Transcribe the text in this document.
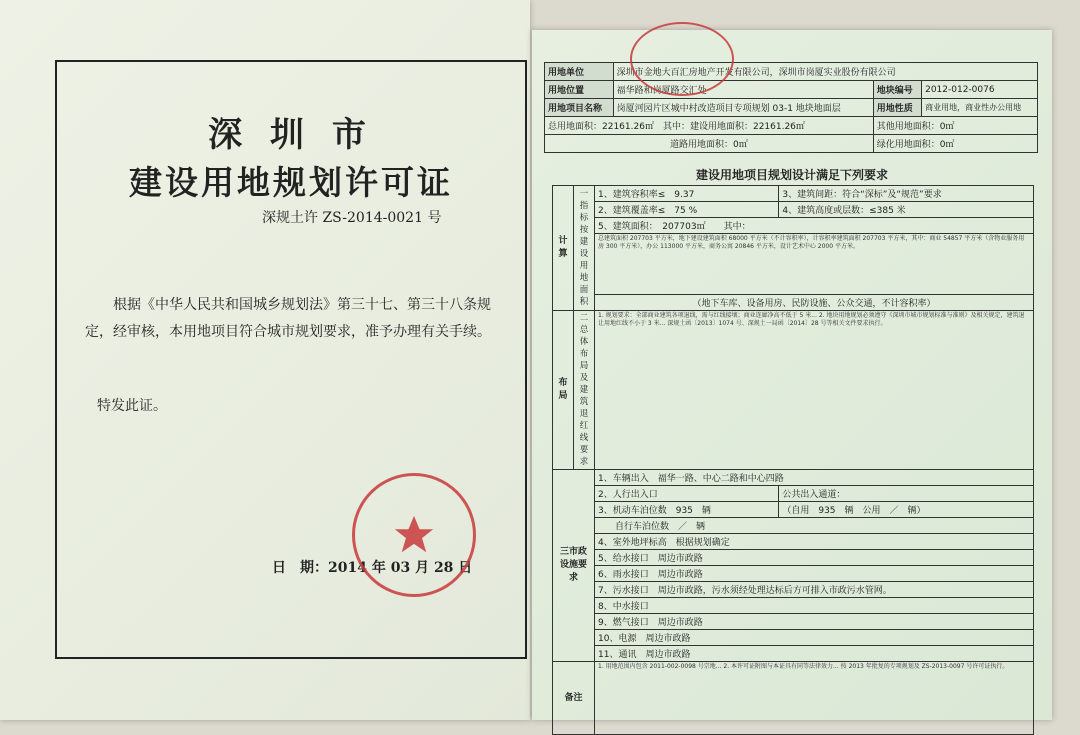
深 圳 市
建设用地规划许可证
深规土许 ZS-2014-0021 号

根据《中华人民共和国城乡规划法》第三十七、第三十八条规

定，经审核，本用地项目符合城市规划要求，准予办理有关手续。

特发此证。
日　期：2014 年 03 月 28 日
用地单位	深圳市金地大百汇房地产开发有限公司，深圳市岗厦实业股份有限公司		
用地位置	福华路和岗厦路交汇处	地块编号	2012-012-0076
用地项目名称	岗厦河园片区城中村改造项目专项规划 03-1 地块地面层	用地性质	商业用地，商业性办公用地
总用地面积：22161.26㎡　 其中：建设用地面积：22161.26㎡		其他用地面积：0㎡	
道路用地面积：0㎡		绿化用地面积：0㎡	
建设用地项目规划设计满足下列要求
计算	一指标按建设用地面积	1、建筑容积率≤　9.37	3、建筑间距：符合“深标”及“规范”要求
		2、建筑覆盖率≤　75 %	4、建筑高度或层数：≤385 米
		5、建筑面积：　207703㎡　　其中：	
		总建筑面积 207703 平方米，地下建设建筑面积 68000 平方米（不计容积率），计容积率建筑面积 207703 平方米，其中：商业 54857 平方米（含物业服务用房 300 平方米），办公 113000 平方米，商务公寓 20846 平方米，设计艺术中心 2000 平方米。	
		（地下车库、设备用房、民防设施、公众交通，不计容积率）	
布局	二总体布局及建筑退红线要求	1. 规划要求：全部商业建筑各项退线，需与红线接壤；商业连廊净高不低于 5 米... 2. 地块用地规划必须遵守《深圳市城市规划标准与准则》及相关规定，建筑退让用地红线不小于 3 米... 深规土函〔2013〕1074 号、深规土一局函〔2014〕28 号等相关文件要求执行。	
三市政设施要求		1、车辆出入　福华一路、中心二路和中心四路	
		2、人行出入口	公共出入通道：
		3、机动车泊位数　935　辆	（自用　935　辆　公用　／　辆）
		自行车泊位数　／　辆	
		4、室外地坪标高　根据规划确定	
		5、给水接口　周边市政路	
		6、雨水接口　周边市政路	
		7、污水接口　周边市政路，污水须经处理达标后方可排入市政污水管网。	
		8、中水接口	
		9、燃气接口　周边市政路	
		10、电源　周边市政路	
		11、通讯　周边市政路	
备注		1. 用地范围内包含 2011-002-0098 号宗地... 2. 本许可证附图与本证具有同等法律效力... 按 2013 年批复的专项规划及 ZS-2013-0097 号许可证执行。	
